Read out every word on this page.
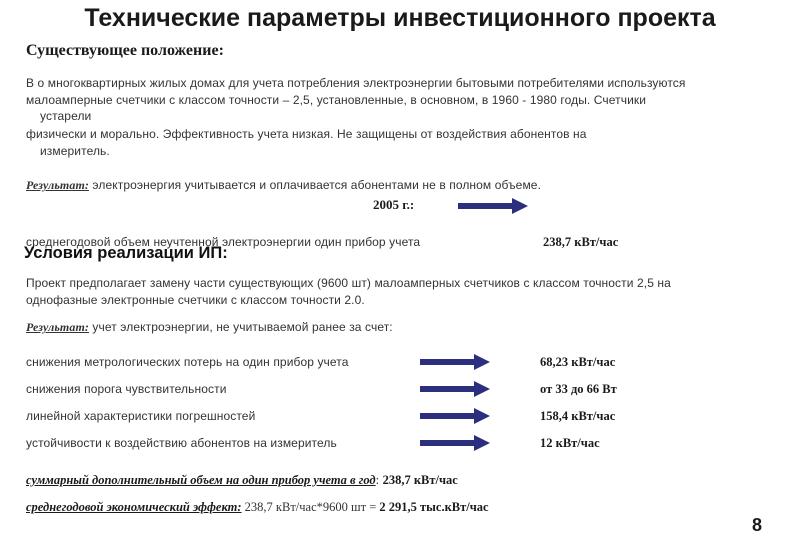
Технические параметры инвестиционного проекта
Существующее положение:
В о многоквартирных жилых домах для учета потребления электроэнергии бытовыми потребителями используются
малоамперные счетчики с классом точности – 2,5, установленные, в основном, в 1960 - 1980 годы. Счетчики
устарели
физически и морально. Эффективность учета низкая. Не защищены от воздействия абонентов на
измеритель.
Результат: электроэнергия учитывается и оплачивается абонентами не в полном объеме.
2005 г.:
среднегодовой объем неучтенной электроэнергии один прибор учета	238,7 кВт/час
Условия реализации ИП:
Проект предполагает замену части существующих (9600 шт) малоамперных счетчиков с классом точности 2,5 на
однофазные электронные счетчики с классом точности 2.0.
Результат: учет электроэнергии, не учитываемой ранее за счет:
снижения метрологических потерь на один прибор учета	68,23 кВт/час
снижения порога чувствительности	от 33 до 66 Вт
линейной характеристики погрешностей	158,4 кВт/час
устойчивости к воздействию абонентов на измеритель	12 кВт/час
суммарный дополнительный объем на один прибор учета в год: 238,7 кВт/час
среднегодовой экономический эффект: 238,7 кВт/час*9600 шт = 2 291,5 тыс.кВт/час
8
